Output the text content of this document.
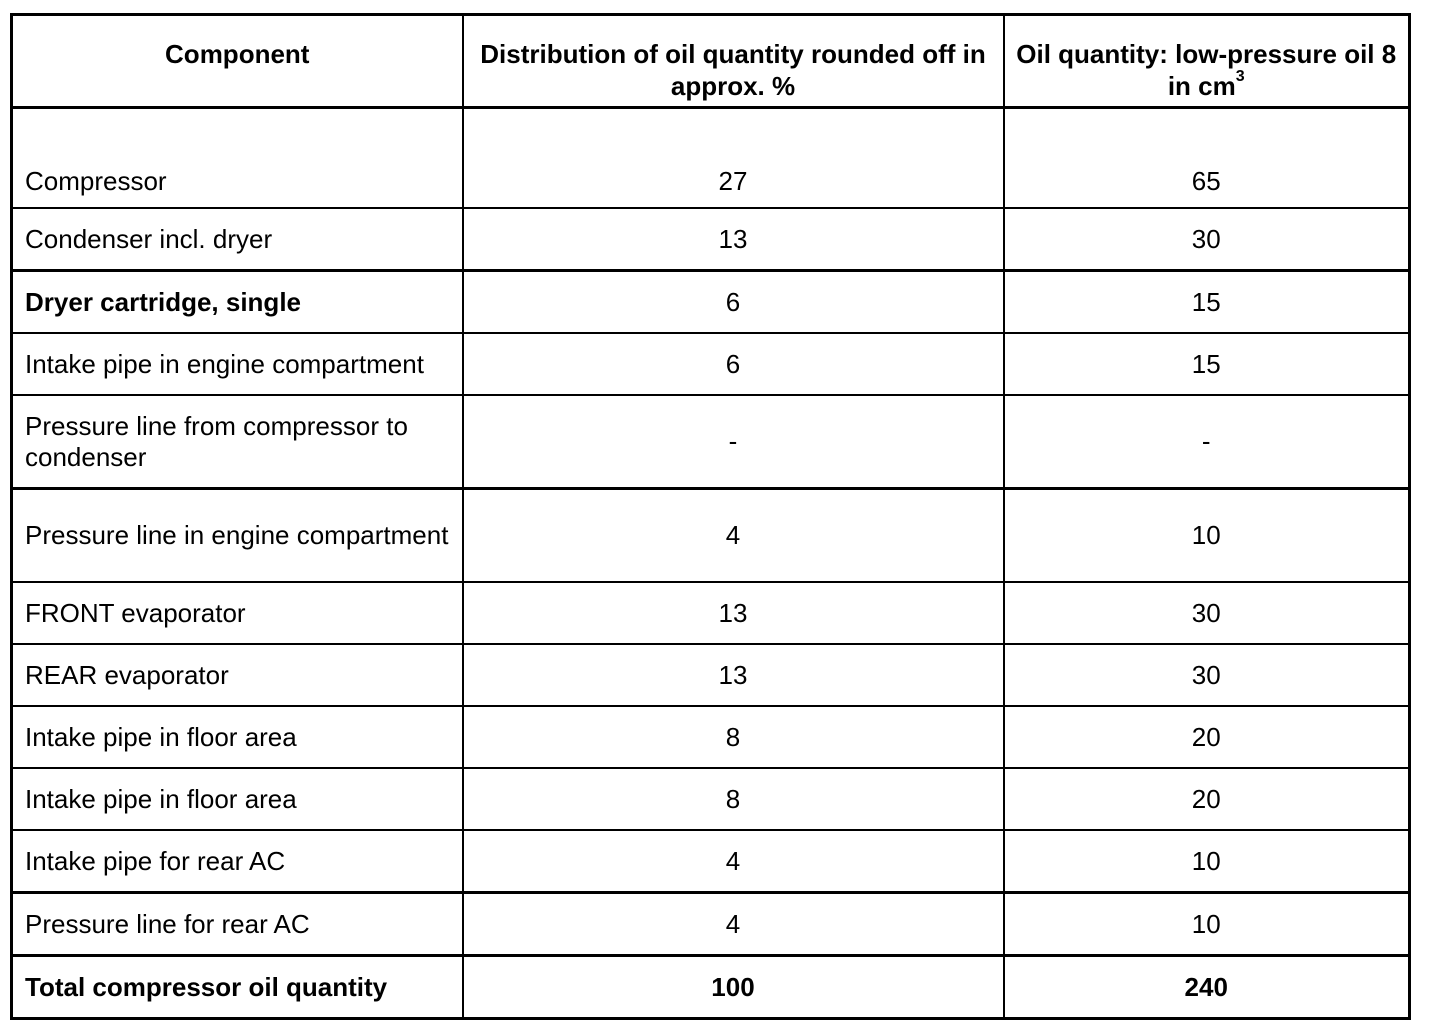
Component	Distribution of oil quantity rounded off in approx. %	Oil quantity: low-pressure oil 8 in $cm^3$
Compressor	27	65
Condenser incl. dryer	13	30
Dryer cartridge, single	6	15
Intake pipe in engine compartment	6	15
Pressure line from compressor to condenser	-	-
Pressure line in engine compartment	4	10
FRONT evaporator	13	30
REAR evaporator	13	30
Intake pipe in floor area	8	20
Intake pipe in floor area	8	20
Intake pipe for rear AC	4	10
Pressure line for rear AC	4	10
Total compressor oil quantity	100	240
